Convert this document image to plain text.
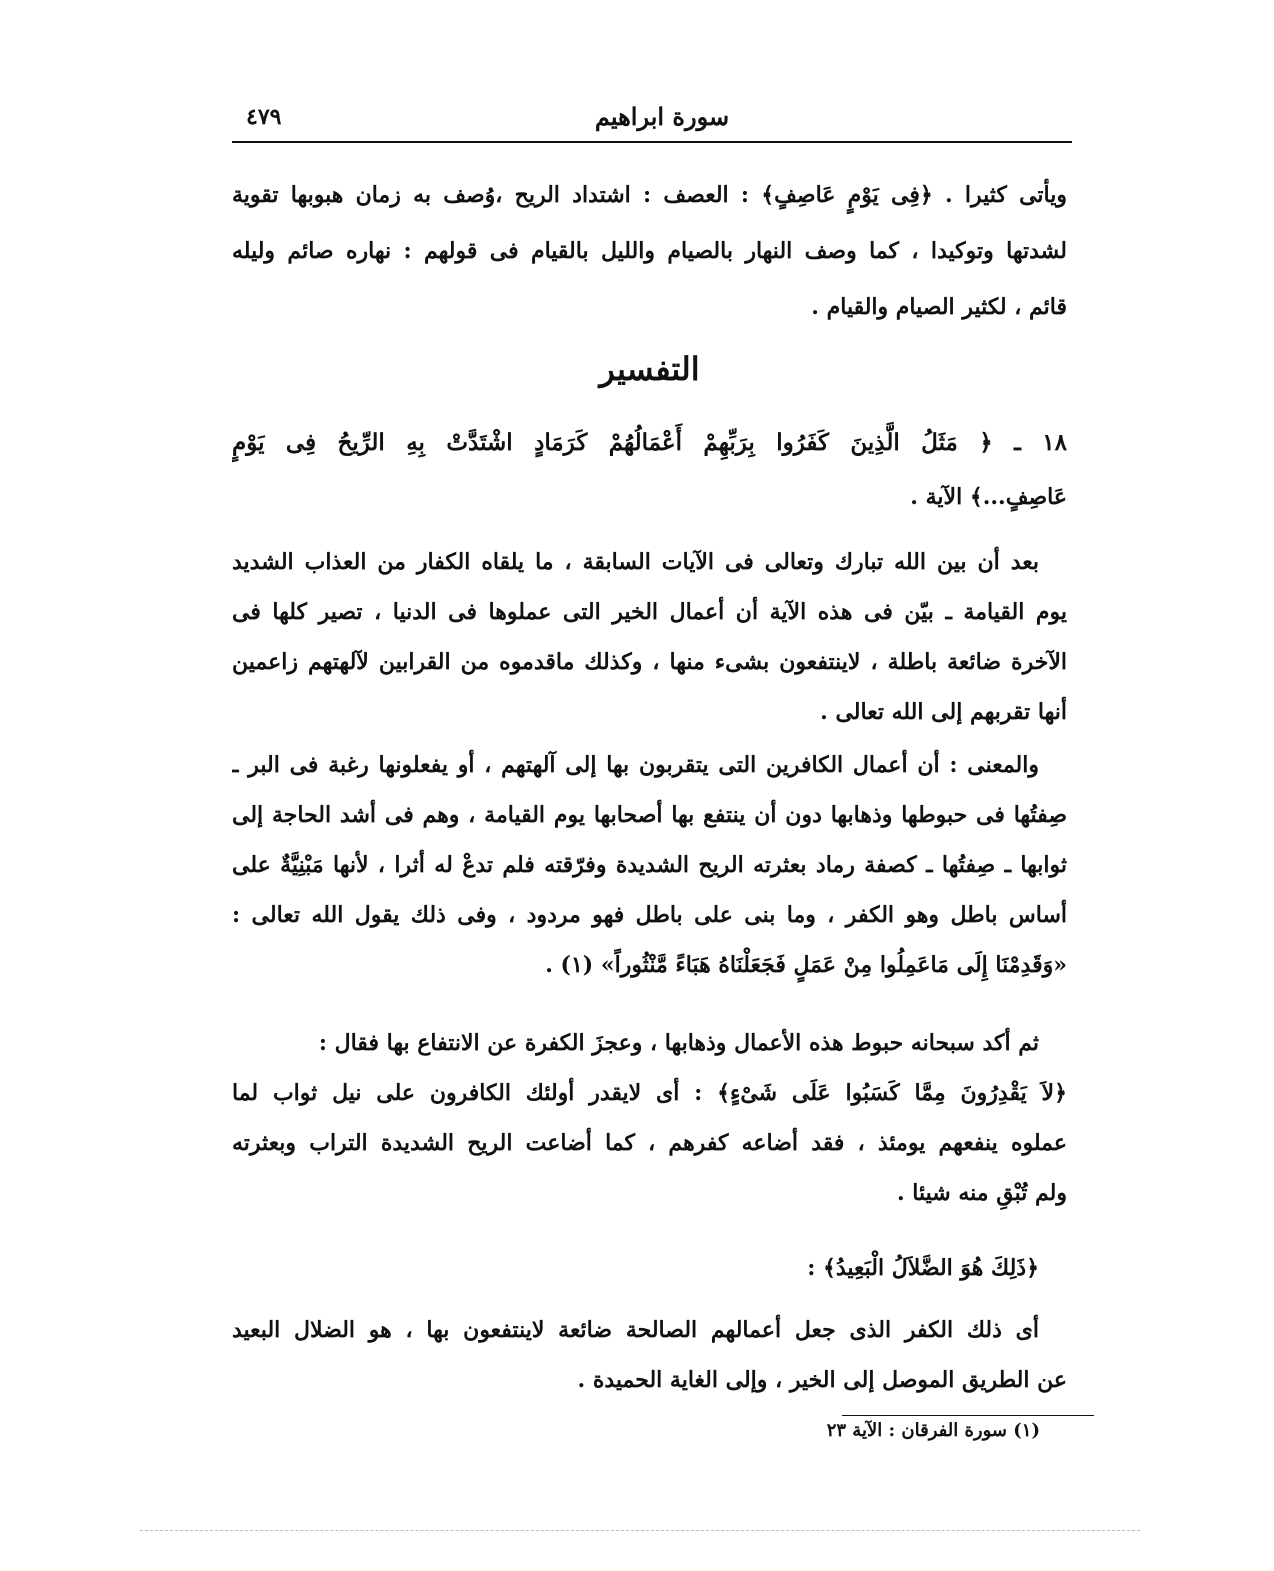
٤٧٩	سورة ابراهيم
ويأتى كثيرا . ﴿فِى يَوْمٍ عَاصِفٍ﴾ : العصف : اشتداد الريح ،وُصف به زمان هبوبها تقوية
لشدتها وتوكيدا ، كما وصف النهار بالصيام والليل بالقيام فى قولهم : نهاره صائم وليله
قائم ، لكثير الصيام والقيام .
التفسير
١٨ ـ ﴿ مَثَلُ الَّذِينَ كَفَرُوا بِرَبِّهِمْ أَعْمَالُهُمْ كَرَمَادٍ اشْتَدَّتْ بِهِ الرِّيحُ فِى يَوْمٍ
عَاصِفٍ...﴾ الآية .
بعد أن بين الله تبارك وتعالى فى الآيات السابقة ، ما يلقاه الكفار من العذاب الشديد
يوم القيامة ـ بيّن فى هذه الآية أن أعمال الخير التى عملوها فى الدنيا ، تصير كلها فى
الآخرة ضائعة باطلة ، لاينتفعون بشىء منها ، وكذلك ماقدموه من القرابين لآلهتهم زاعمين
أنها تقربهم إلى الله تعالى .
والمعنى : أن أعمال الكافرين التى يتقربون بها إلى آلهتهم ، أو يفعلونها رغبة فى البر ـ
صِفتُها فى حبوطها وذهابها دون أن ينتفع بها أصحابها يوم القيامة ، وهم فى أشد الحاجة إلى
ثوابها ـ صِفتُها ـ كصفة رماد بعثرته الريح الشديدة وفرّقته فلم تدعْ له أثرا ، لأنها مَبْنِيَّةٌ على
أساس باطل وهو الكفر ، وما بنى على باطل فهو مردود ، وفى ذلك يقول الله تعالى :
«وَقَدِمْنَا إِلَى مَاعَمِلُوا مِنْ عَمَلٍ فَجَعَلْنَاهُ هَبَاءً مَّنْثُوراً» (١) .
ثم أكد سبحانه حبوط هذه الأعمال وذهابها ، وعجزَ الكفرة عن الانتفاع بها فقال :
﴿لاَ يَقْدِرُونَ مِمَّا كَسَبُوا عَلَى شَىْءٍ﴾ : أى لايقدر أولئك الكافرون على نيل ثواب لما
عملوه ينفعهم يومئذ ، فقد أضاعه كفرهم ، كما أضاعت الريح الشديدة التراب وبعثرته
ولم تُبْقِ منه شيئا .
﴿ذَلِكَ هُوَ الضَّلاَلُ الْبَعِيدُ﴾ :
أى ذلك الكفر الذى جعل أعمالهم الصالحة ضائعة لاينتفعون بها ، هو الضلال البعيد
عن الطريق الموصل إلى الخير ، وإلى الغاية الحميدة .
(١) سورة الفرقان : الآية ٢٣
